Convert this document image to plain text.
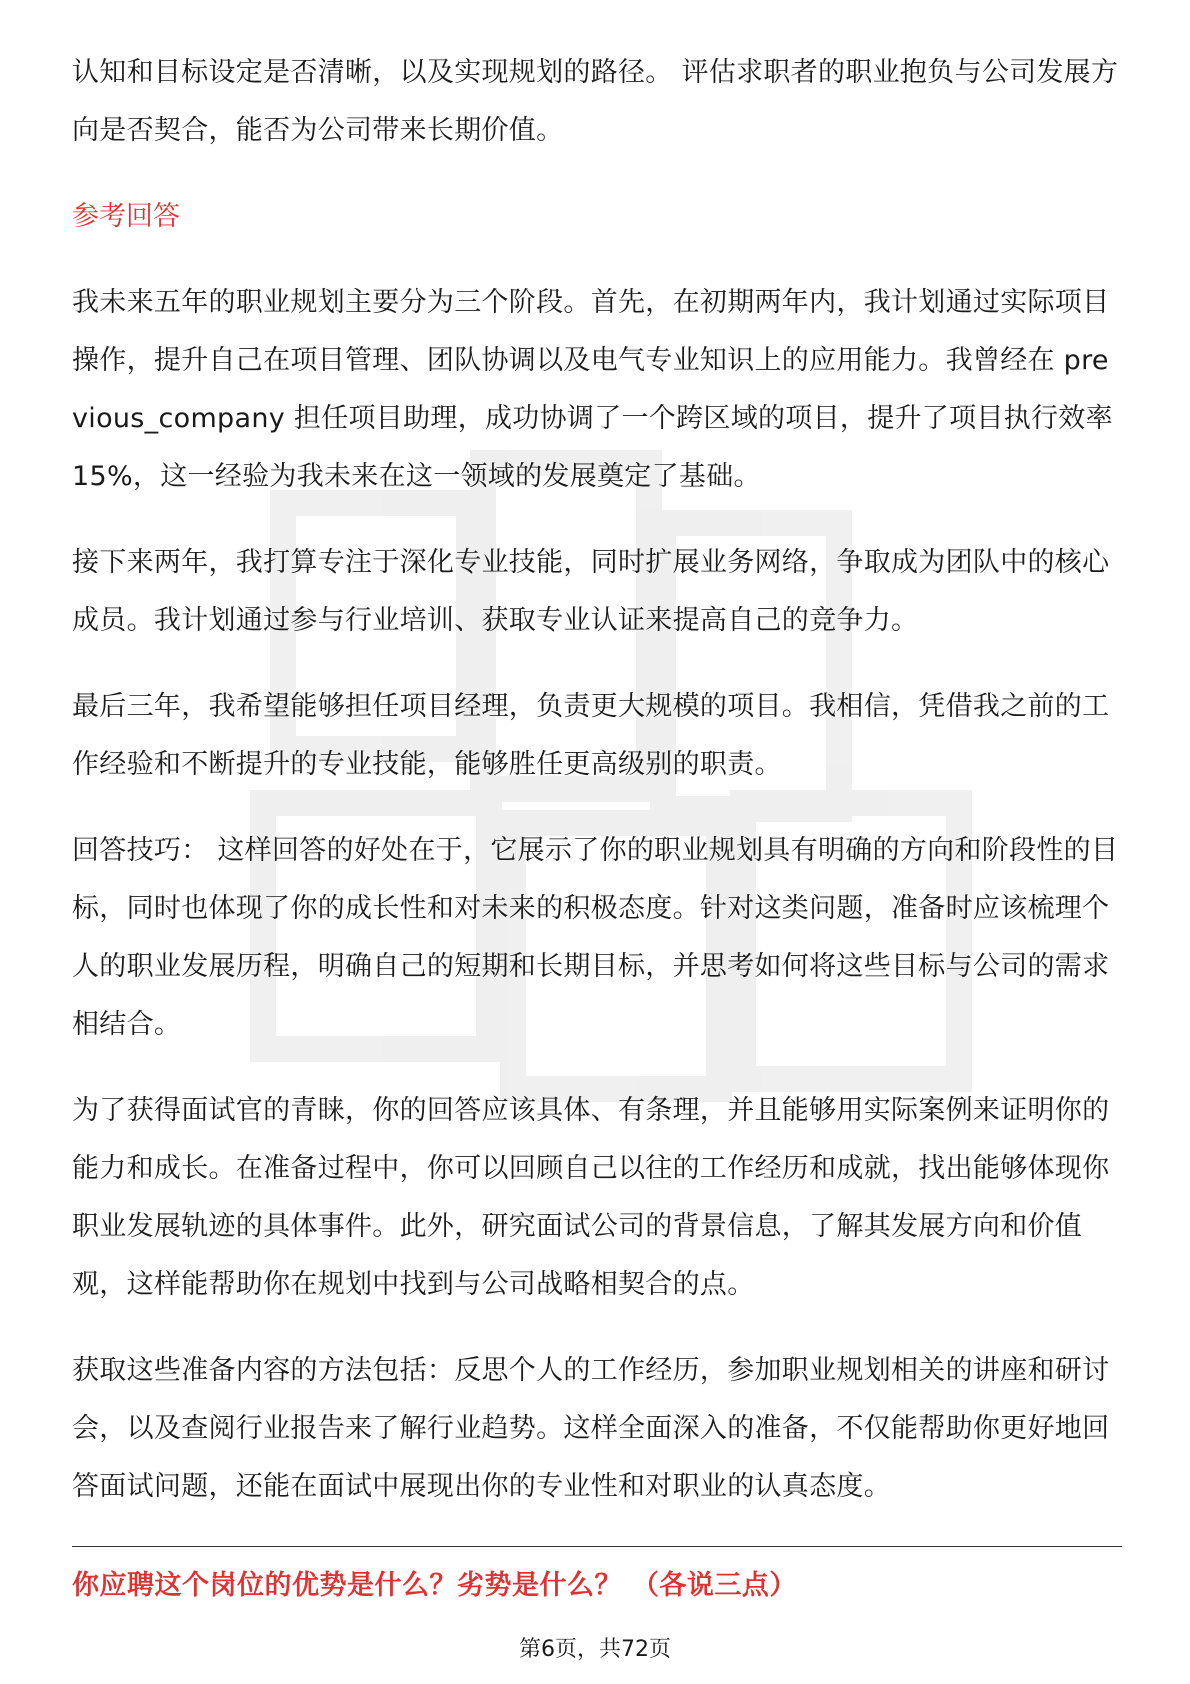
认知和目标设定是否清晰，以及实现规划的路径。 评估求职者的职业抱负与公司发展方向是否契合，能否为公司带来长期价值。

参考回答

我未来五年的职业规划主要分为三个阶段。首先，在初期两年内，我计划通过实际项目操作，提升自己在项目管理、团队协调以及电气专业知识上的应用能力。我曾经在 previous_company 担任项目助理，成功协调了一个跨区域的项目，提升了项目执行效率 15%，这一经验为我未来在这一领域的发展奠定了基础。

接下来两年，我打算专注于深化专业技能，同时扩展业务网络，争取成为团队中的核心成员。我计划通过参与行业培训、获取专业认证来提高自己的竞争力。

最后三年，我希望能够担任项目经理，负责更大规模的项目。我相信，凭借我之前的工作经验和不断提升的专业技能，能够胜任更高级别的职责。

回答技巧： 这样回答的好处在于，它展示了你的职业规划具有明确的方向和阶段性的目标，同时也体现了你的成长性和对未来的积极态度。针对这类问题，准备时应该梳理个人的职业发展历程，明确自己的短期和长期目标，并思考如何将这些目标与公司的需求相结合。

为了获得面试官的青睐，你的回答应该具体、有条理，并且能够用实际案例来证明你的能力和成长。在准备过程中，你可以回顾自己以往的工作经历和成就，找出能够体现你职业发展轨迹的具体事件。此外，研究面试公司的背景信息，了解其发展方向和价值观，这样能帮助你在规划中找到与公司战略相契合的点。

获取这些准备内容的方法包括：反思个人的工作经历，参加职业规划相关的讲座和研讨会，以及查阅行业报告来了解行业趋势。这样全面深入的准备，不仅能帮助你更好地回答面试问题，还能在面试中展现出你的专业性和对职业的认真态度。

你应聘这个岗位的优势是什么？劣势是什么？ （各说三点）
第6页，共72页
